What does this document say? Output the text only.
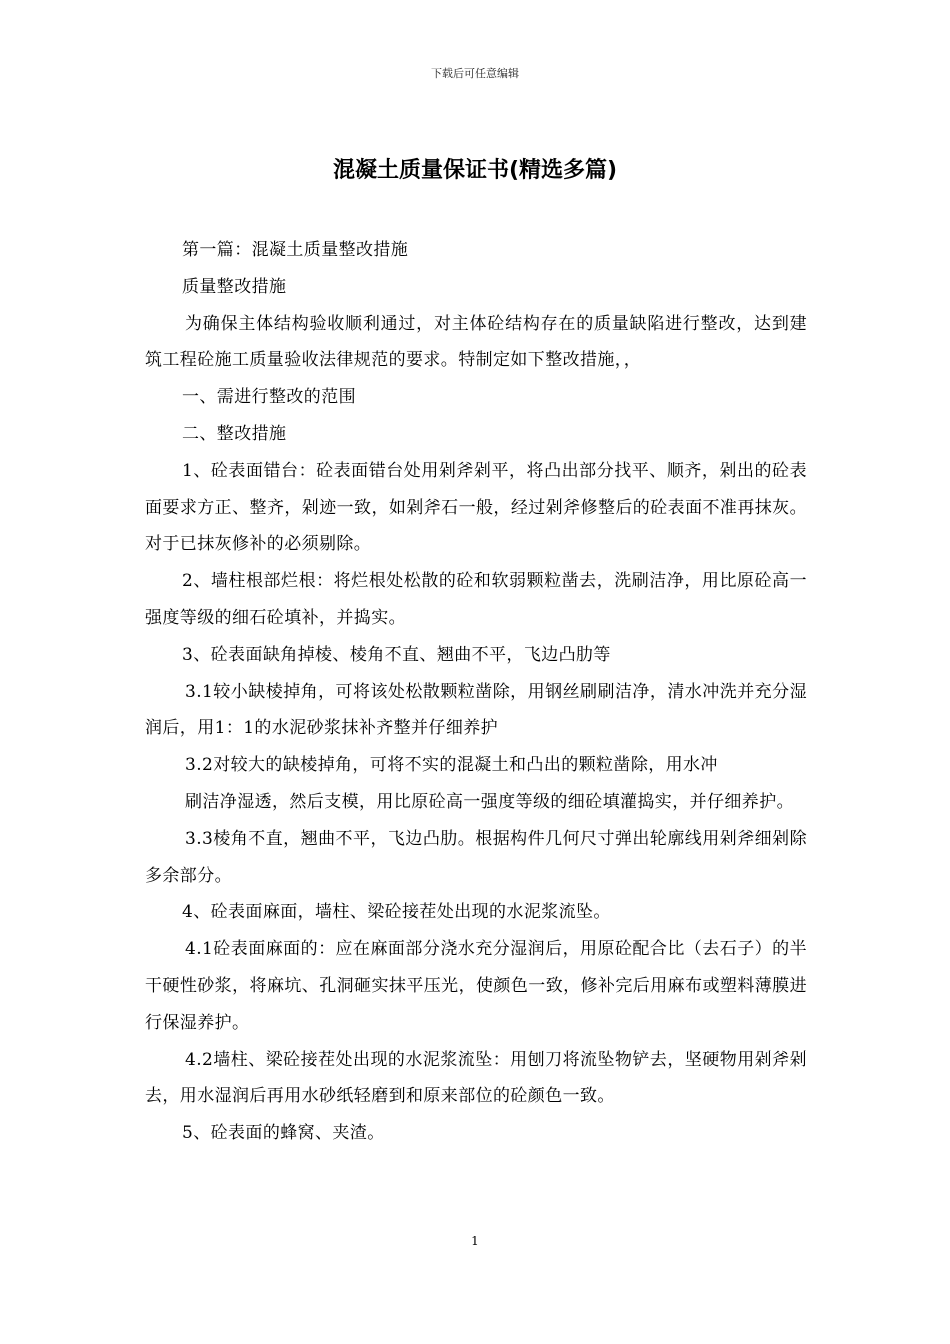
下载后可任意编辑
混凝土质量保证书(精选多篇)

第一篇：混凝土质量整改措施

质量整改措施

为确保主体结构验收顺利通过，对主体砼结构存在的质量缺陷进行整改，达到建筑工程砼施工质量验收法律规范的要求。特制定如下整改措施，，

一、需进行整改的范围

二、整改措施

1、砼表面错台：砼表面错台处用剁斧剁平，将凸出部分找平、顺齐，剁出的砼表面要求方正、整齐，剁迹一致，如剁斧石一般，经过剁斧修整后的砼表面不准再抹灰。对于已抹灰修补的必须剔除。

2、墙柱根部烂根：将烂根处松散的砼和软弱颗粒凿去，洗刷洁净，用比原砼高一强度等级的细石砼填补，并捣实。

3、砼表面缺角掉棱、棱角不直、翘曲不平，飞边凸肋等

3.1较小缺棱掉角，可将该处松散颗粒凿除，用钢丝刷刷洁净，清水冲洗并充分湿润后，用1：1的水泥砂浆抹补齐整并仔细养护

3.2对较大的缺棱掉角，可将不实的混凝土和凸出的颗粒凿除，用水冲

刷洁净湿透，然后支模，用比原砼高一强度等级的细砼填灌捣实，并仔细养护。

3.3棱角不直，翘曲不平，飞边凸肋。根据构件几何尺寸弹出轮廓线用剁斧细剁除多余部分。

4、砼表面麻面，墙柱、梁砼接茬处出现的水泥浆流坠。

4.1砼表面麻面的：应在麻面部分浇水充分湿润后，用原砼配合比（去石子）的半干硬性砂浆，将麻坑、孔洞砸实抹平压光，使颜色一致，修补完后用麻布或塑料薄膜进行保湿养护。

4.2墙柱、梁砼接茬处出现的水泥浆流坠：用刨刀将流坠物铲去，坚硬物用剁斧剁去，用水湿润后再用水砂纸轻磨到和原来部位的砼颜色一致。

5、砼表面的蜂窝、夹渣。

1
